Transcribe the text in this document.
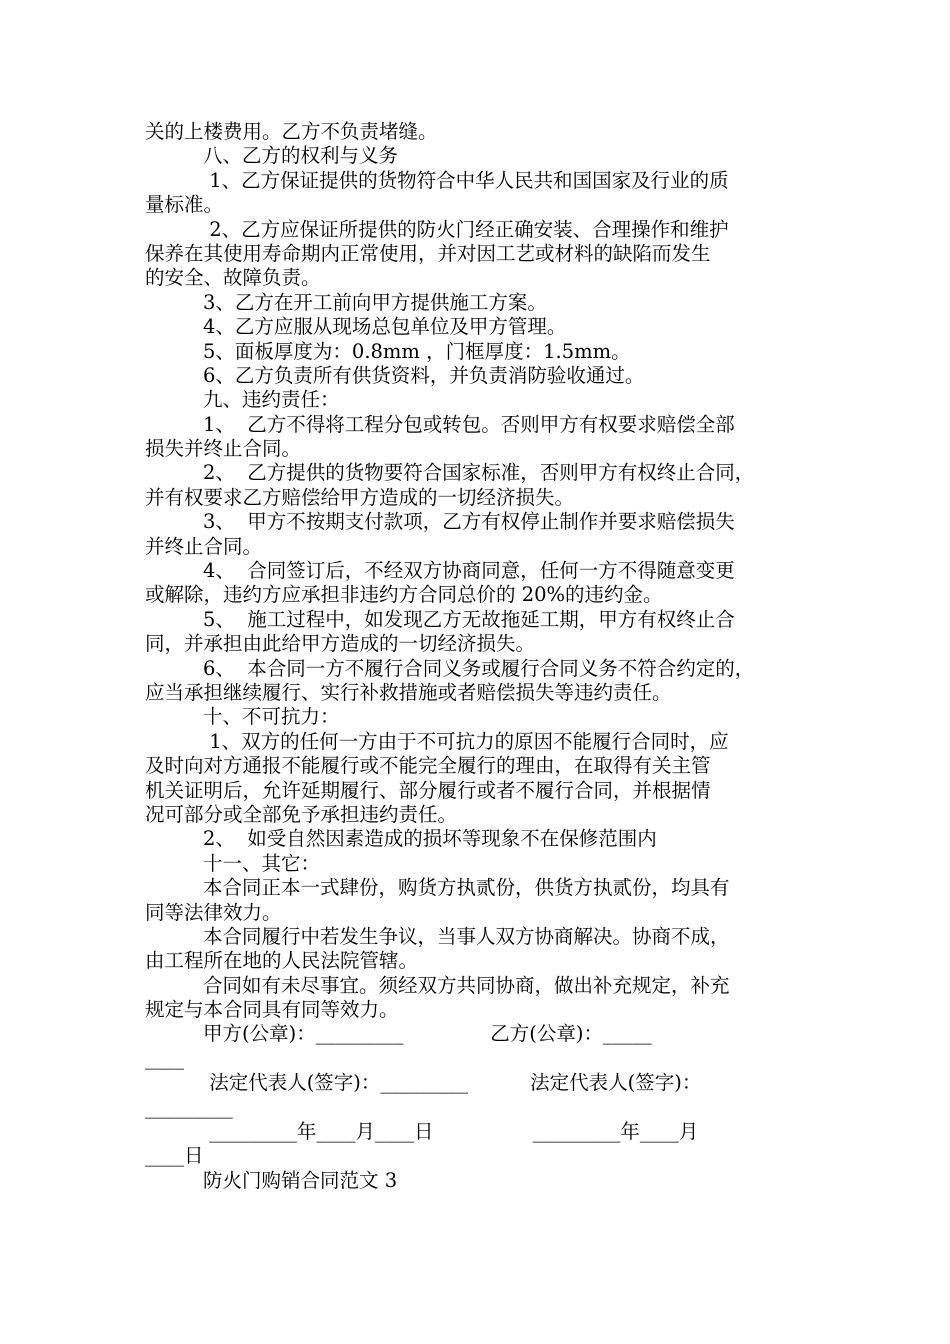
关的上楼费用。乙方不负责堵缝。
八、乙方的权利与义务
1、乙方保证提供的货物符合中华人民共和国国家及行业的质
量标准。
2、乙方应保证所提供的防火门经正确安装、合理操作和维护
保养在其使用寿命期内正常使用，并对因工艺或材料的缺陷而发生
的安全、故障负责。
3、乙方在开工前向甲方提供施工方案。
4、乙方应服从现场总包单位及甲方管理。
5、面板厚度为：0.8mm ，门框厚度：1.5mm。
6、乙方负责所有供货资料，并负责消防验收通过。
九、违约责任：
1、  乙方不得将工程分包或转包。否则甲方有权要求赔偿全部
损失并终止合同。
2、  乙方提供的货物要符合国家标准，否则甲方有权终止合同，
并有权要求乙方赔偿给甲方造成的一切经济损失。
3、  甲方不按期支付款项，乙方有权停止制作并要求赔偿损失
并终止合同。
4、  合同签订后，不经双方协商同意，任何一方不得随意变更
或解除，违约方应承担非违约方合同总价的 20%的违约金。
5、  施工过程中，如发现乙方无故拖延工期，甲方有权终止合
同，并承担由此给甲方造成的一切经济损失。
6、  本合同一方不履行合同义务或履行合同义务不符合约定的，
应当承担继续履行、实行补救措施或者赔偿损失等违约责任。
十、不可抗力：
1、双方的任何一方由于不可抗力的原因不能履行合同时，应
及时向对方通报不能履行或不能完全履行的理由，在取得有关主管
机关证明后，允许延期履行、部分履行或者不履行合同，并根据情
况可部分或全部免予承担违约责任。
2、  如受自然因素造成的损坏等现象不在保修范围内
十一、其它：
本合同正本一式肆份，购货方执贰份，供货方执贰份，均具有
同等法律效力。
本合同履行中若发生争议，当事人双方协商解决。协商不成，
由工程所在地的人民法院管辖。
合同如有未尽事宜。须经双方共同协商，做出补充规定，补充
规定与本合同具有同等效力。
甲方(公章)：_________              乙方(公章)：_____
____
法定代表人(签字)：_________          法定代表人(签字)：
_________
_________年____月____日                _________年____月
____日
防火门购销合同范文 3
